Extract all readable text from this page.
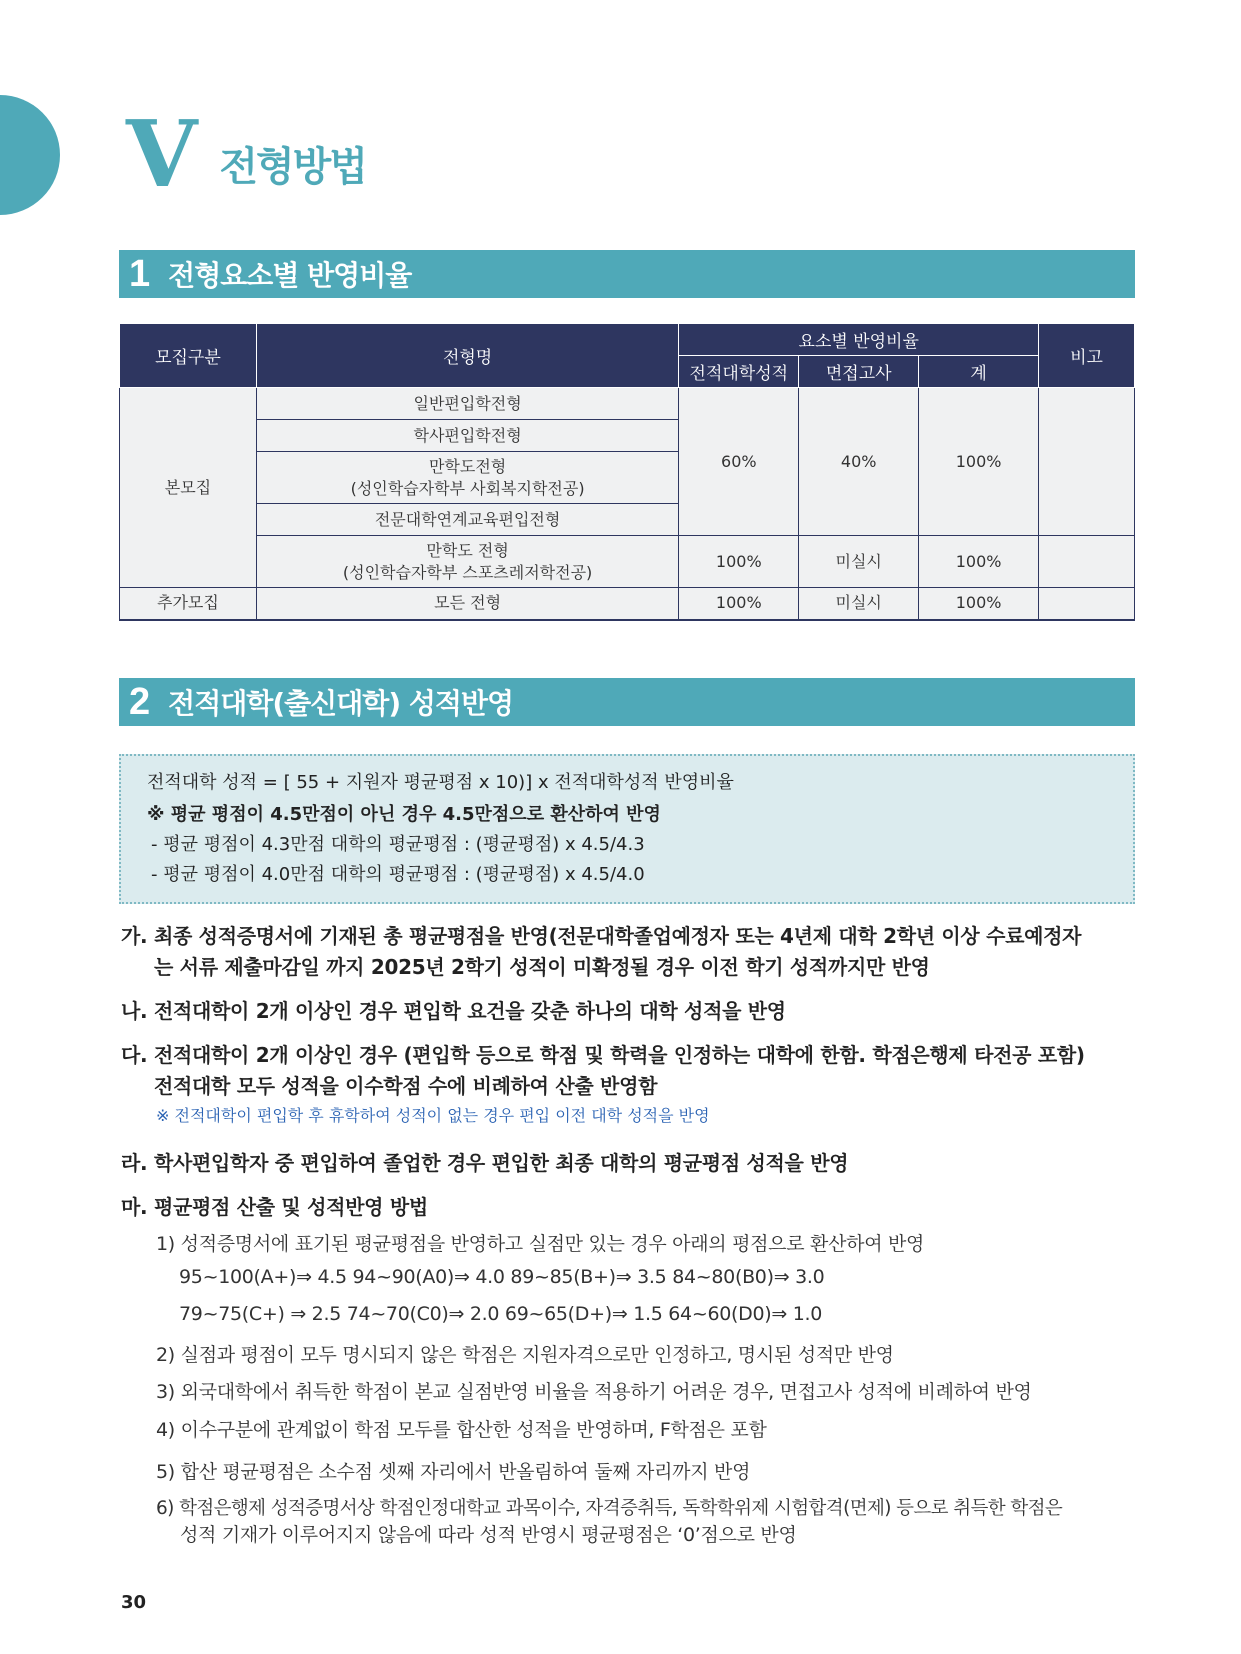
V 전형방법
1 전형요소별 반영비율
모집구분	전형명	요소별 반영비율			비고
		전적대학성적	면접고사	계	
본모집	일반편입학전형	60%	40%	100%	
	학사편입학전형				

	만학도전형
(성인학습자학부 사회복지학전공)				

	전문대학연계교육편입전형				

	만학도 전형
(성인학습자학부 스포츠레저학전공)	100%	미실시	100%	
추가모집	모든 전형	100%	미실시	100%	
2 전적대학(출신대학) 성적반영
전적대학 성적 = [ 55 + 지원자 평균평점 x 10)] x 전적대학성적 반영비율
※ 평균 평점이 4.5만점이 아닌 경우 4.5만점으로 환산하여 반영
- 평균 평점이 4.3만점 대학의 평균평점 : (평균평점) x 4.5/4.3
- 평균 평점이 4.0만점 대학의 평균평점 : (평균평점) x 4.5/4.0
가. 최종 성적증명서에 기재된 총 평균평점을 반영(전문대학졸업예정자 또는 4년제 대학 2학년 이상 수료예정자
는 서류 제출마감일 까지 2025년 2학기 성적이 미확정될 경우 이전 학기 성적까지만 반영
나. 전적대학이 2개 이상인 경우 편입학 요건을 갖춘 하나의 대학 성적을 반영
다. 전적대학이 2개 이상인 경우 (편입학 등으로 학점 및 학력을 인정하는 대학에 한함. 학점은행제 타전공 포함)
전적대학 모두 성적을 이수학점 수에 비례하여 산출 반영함
※ 전적대학이 편입학 후 휴학하여 성적이 없는 경우 편입 이전 대학 성적을 반영
라. 학사편입학자 중 편입하여 졸업한 경우 편입한 최종 대학의 평균평점 성적을 반영
마. 평균평점 산출 및 성적반영 방법
1) 성적증명서에 표기된 평균평점을 반영하고 실점만 있는 경우 아래의 평점으로 환산하여 반영
95~100(A+)⇒ 4.5 94~90(A0)⇒ 4.0 89~85(B+)⇒ 3.5 84~80(B0)⇒ 3.0
79~75(C+) ⇒ 2.5 74~70(C0)⇒ 2.0 69~65(D+)⇒ 1.5 64~60(D0)⇒ 1.0
2) 실점과 평점이 모두 명시되지 않은 학점은 지원자격으로만 인정하고, 명시된 성적만 반영
3) 외국대학에서 취득한 학점이 본교 실점반영 비율을 적용하기 어려운 경우, 면접고사 성적에 비례하여 반영
4) 이수구분에 관계없이 학점 모두를 합산한 성적을 반영하며, F학점은 포함
5) 합산 평균평점은 소수점 셋째 자리에서 반올림하여 둘째 자리까지 반영
6) 학점은행제 성적증명서상 학점인정대학교 과목이수, 자격증취득, 독학학위제 시험합격(면제) 등으로 취득한 학점은
성적 기재가 이루어지지 않음에 따라 성적 반영시 평균평점은 ‘0’점으로 반영
30
